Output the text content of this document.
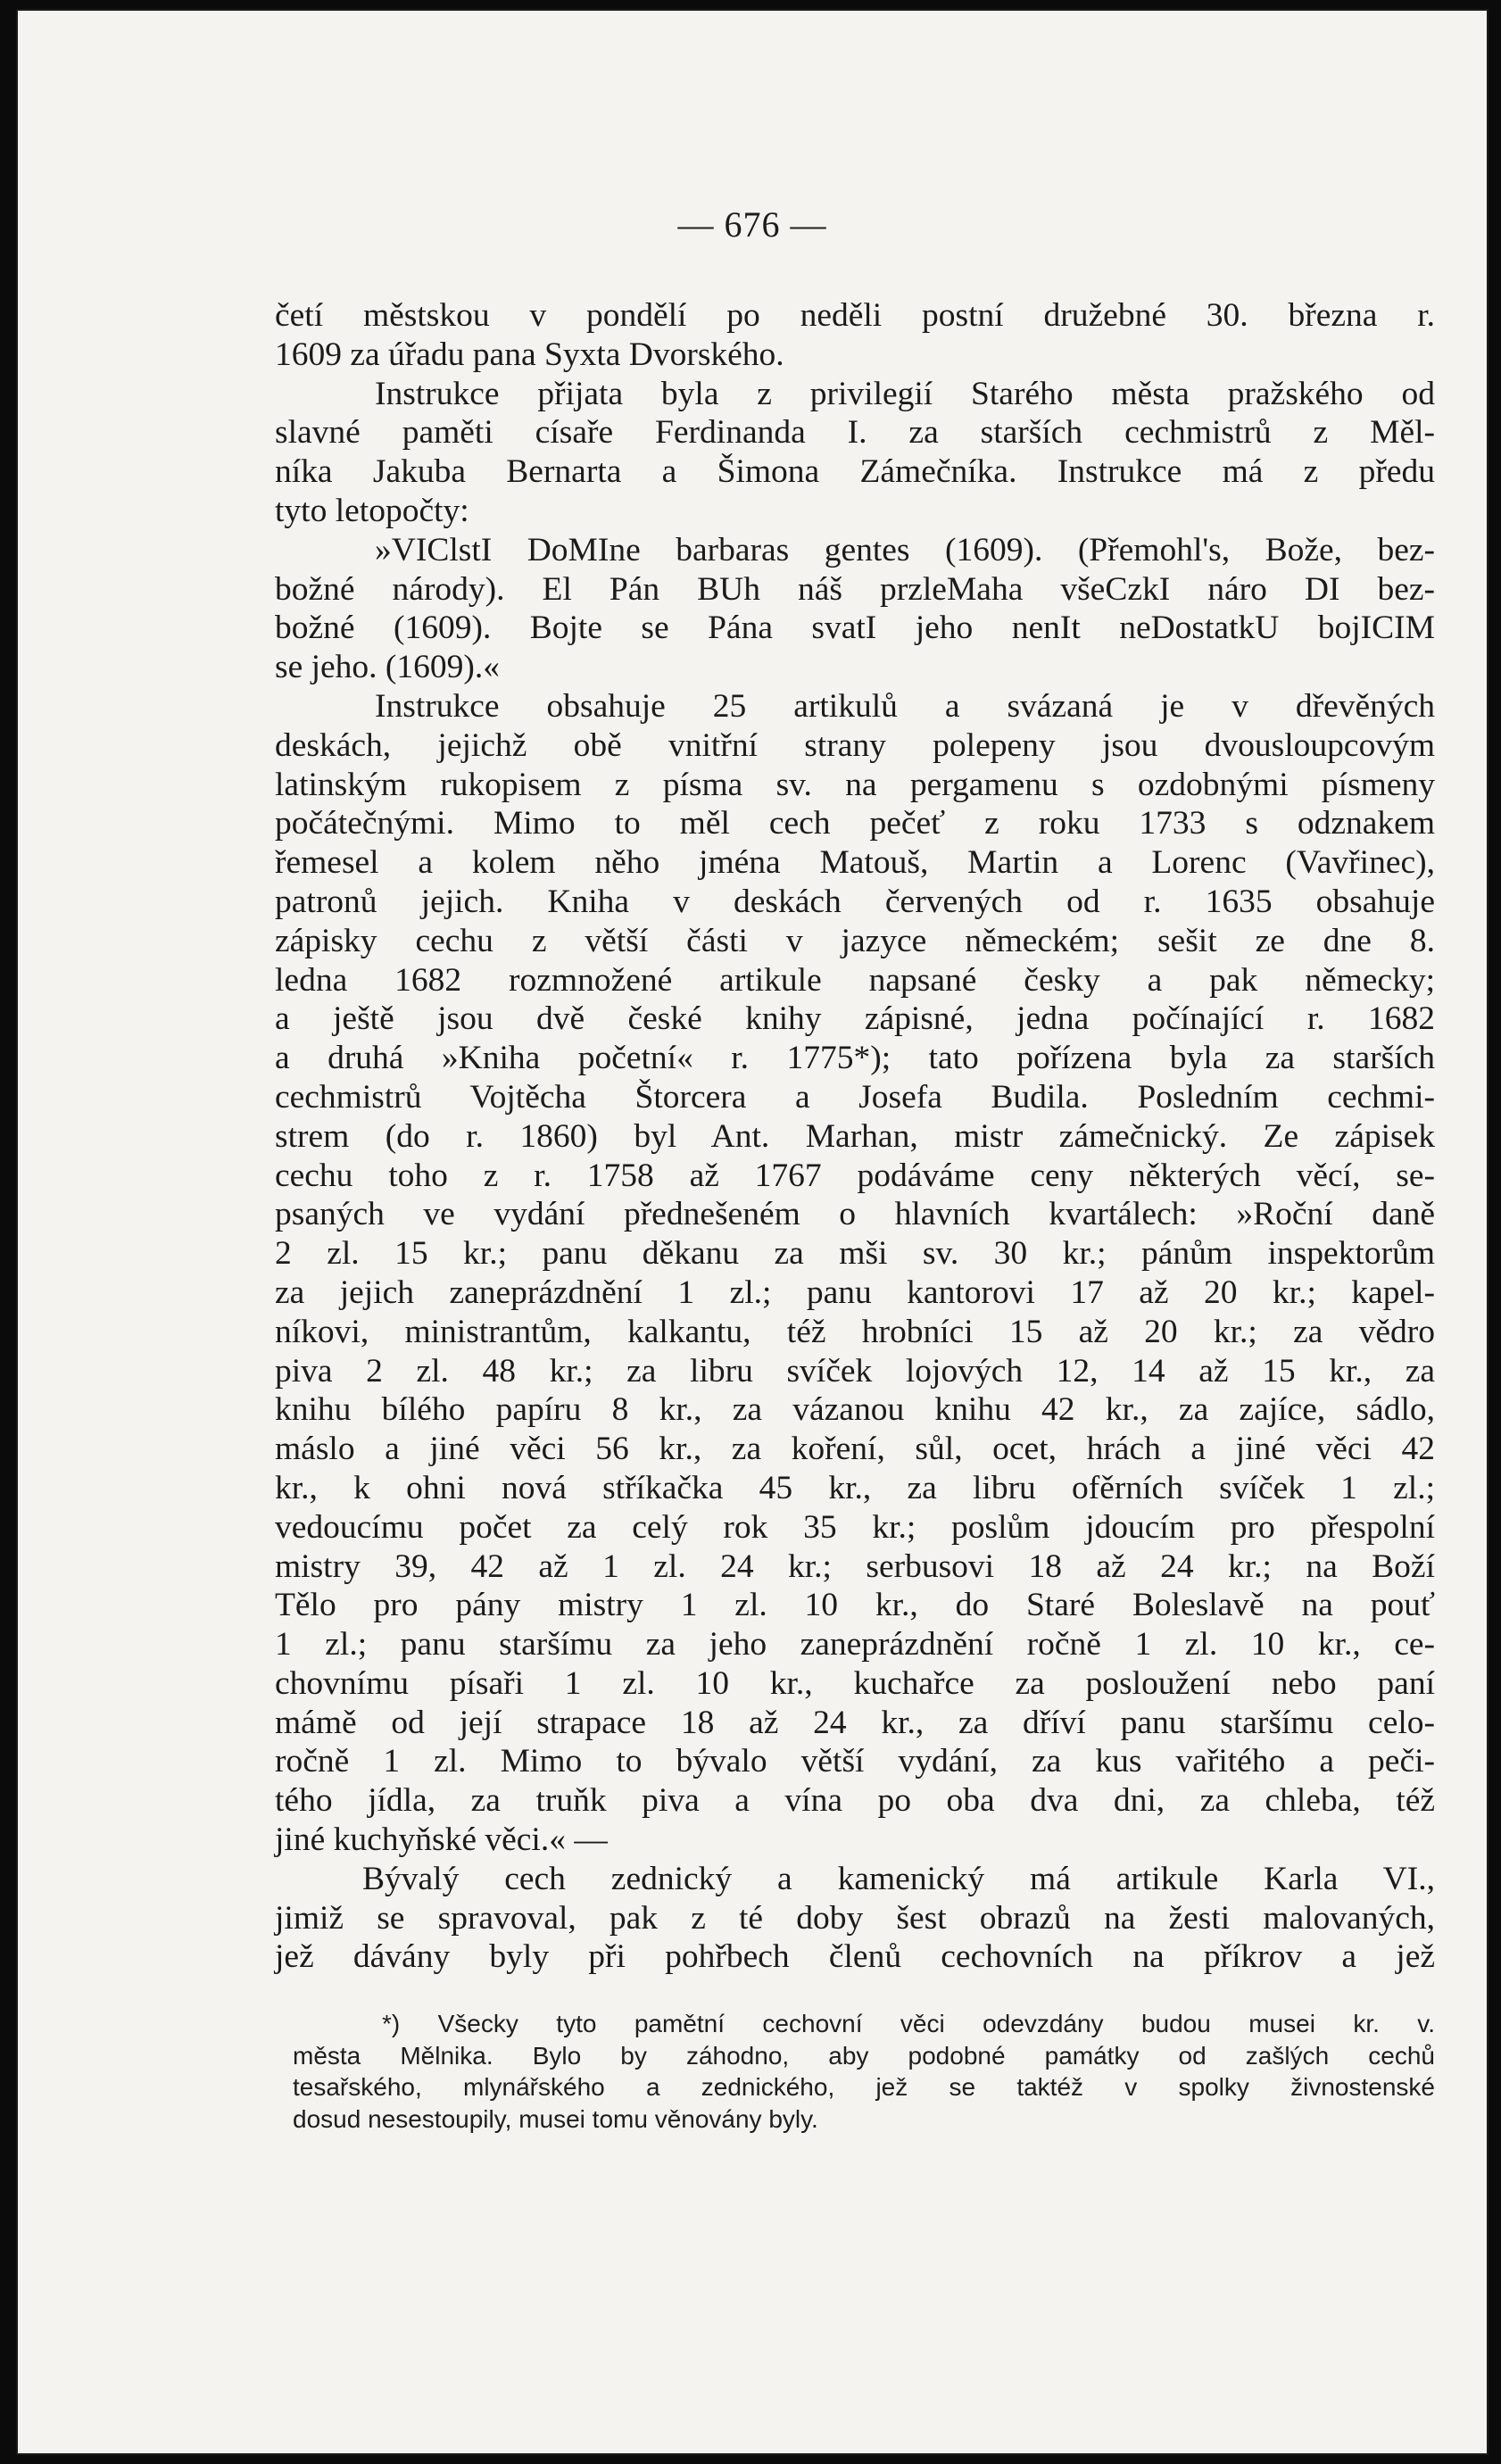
— 676 —
četí městskou v pondělí po neděli postní družebné 30. března r.
1609 za úřadu pana Syxta Dvorského.
Instrukce přijata byla z privilegií Starého města pražského od
slavné paměti císaře Ferdinanda I. za starších cechmistrů z Měl-
níka Jakuba Bernarta a Šimona Zámečníka. Instrukce má z předu
tyto letopočty:
»VIClstI DoMIne barbaras gentes (1609). (Přemohl's, Bože, bez-
božné národy). El Pán BUh náš przleMaha všeCzkI náro DI bez-
božné (1609). Bojte se Pána svatI jeho nenIt neDostatkU bojICIM
se jeho. (1609).«
Instrukce obsahuje 25 artikulů a svázaná je v dřevěných
deskách, jejichž obě vnitřní strany polepeny jsou dvousloupcovým
latinským rukopisem z písma sv. na pergamenu s ozdobnými písmeny
počátečnými. Mimo to měl cech pečeť z roku 1733 s odznakem
řemesel a kolem něho jména Matouš, Martin a Lorenc (Vavřinec),
patronů jejich. Kniha v deskách červených od r. 1635 obsahuje
zápisky cechu z větší části v jazyce německém; sešit ze dne 8.
ledna 1682 rozmnožené artikule napsané česky a pak německy;
a ještě jsou dvě české knihy zápisné, jedna počínající r. 1682
a druhá »Kniha početní« r. 1775*); tato pořízena byla za starších
cechmistrů Vojtěcha Štorcera a Josefa Budila. Posledním cechmi-
strem (do r. 1860) byl Ant. Marhan, mistr zámečnický. Ze zápisek
cechu toho z r. 1758 až 1767 podáváme ceny některých věcí, se-
psaných ve vydání přednešeném o hlavních kvartálech: »Roční daně
2 zl. 15 kr.; panu děkanu za mši sv. 30 kr.; pánům inspektorům
za jejich zaneprázdnění 1 zl.; panu kantorovi 17 až 20 kr.; kapel-
níkovi, ministrantům, kalkantu, též hrobníci 15 až 20 kr.; za vědro
piva 2 zl. 48 kr.; za libru svíček lojových 12, 14 až 15 kr., za
knihu bílého papíru 8 kr., za vázanou knihu 42 kr., za zajíce, sádlo,
máslo a jiné věci 56 kr., za koření, sůl, ocet, hrách a jiné věci 42
kr., k ohni nová stříkačka 45 kr., za libru ofěrních svíček 1 zl.;
vedoucímu počet za celý rok 35 kr.; poslům jdoucím pro přespolní
mistry 39, 42 až 1 zl. 24 kr.; serbusovi 18 až 24 kr.; na Boží
Tělo pro pány mistry 1 zl. 10 kr., do Staré Boleslavě na pouť
1 zl.; panu staršímu za jeho zaneprázdnění ročně 1 zl. 10 kr., ce-
chovnímu písaři 1 zl. 10 kr., kuchařce za posloužení nebo paní
mámě od její strapace 18 až 24 kr., za dříví panu staršímu celo-
ročně 1 zl. Mimo to bývalo větší vydání, za kus vařitého a peči-
tého jídla, za truňk piva a vína po oba dva dni, za chleba, též
jiné kuchyňské věci.« —
Bývalý cech zednický a kamenický má artikule Karla VI.,
jimiž se spravoval, pak z té doby šest obrazů na žesti malovaných,
jež dávány byly při pohřbech členů cechovních na příkrov a jež
*) Všecky tyto pamětní cechovní věci odevzdány budou musei kr. v.
města Mělnika. Bylo by záhodno, aby podobné památky od zašlých cechů
tesařského, mlynářského a zednického, jež se taktéž v spolky živnostenské
dosud nesestoupily, musei tomu věnovány byly.
